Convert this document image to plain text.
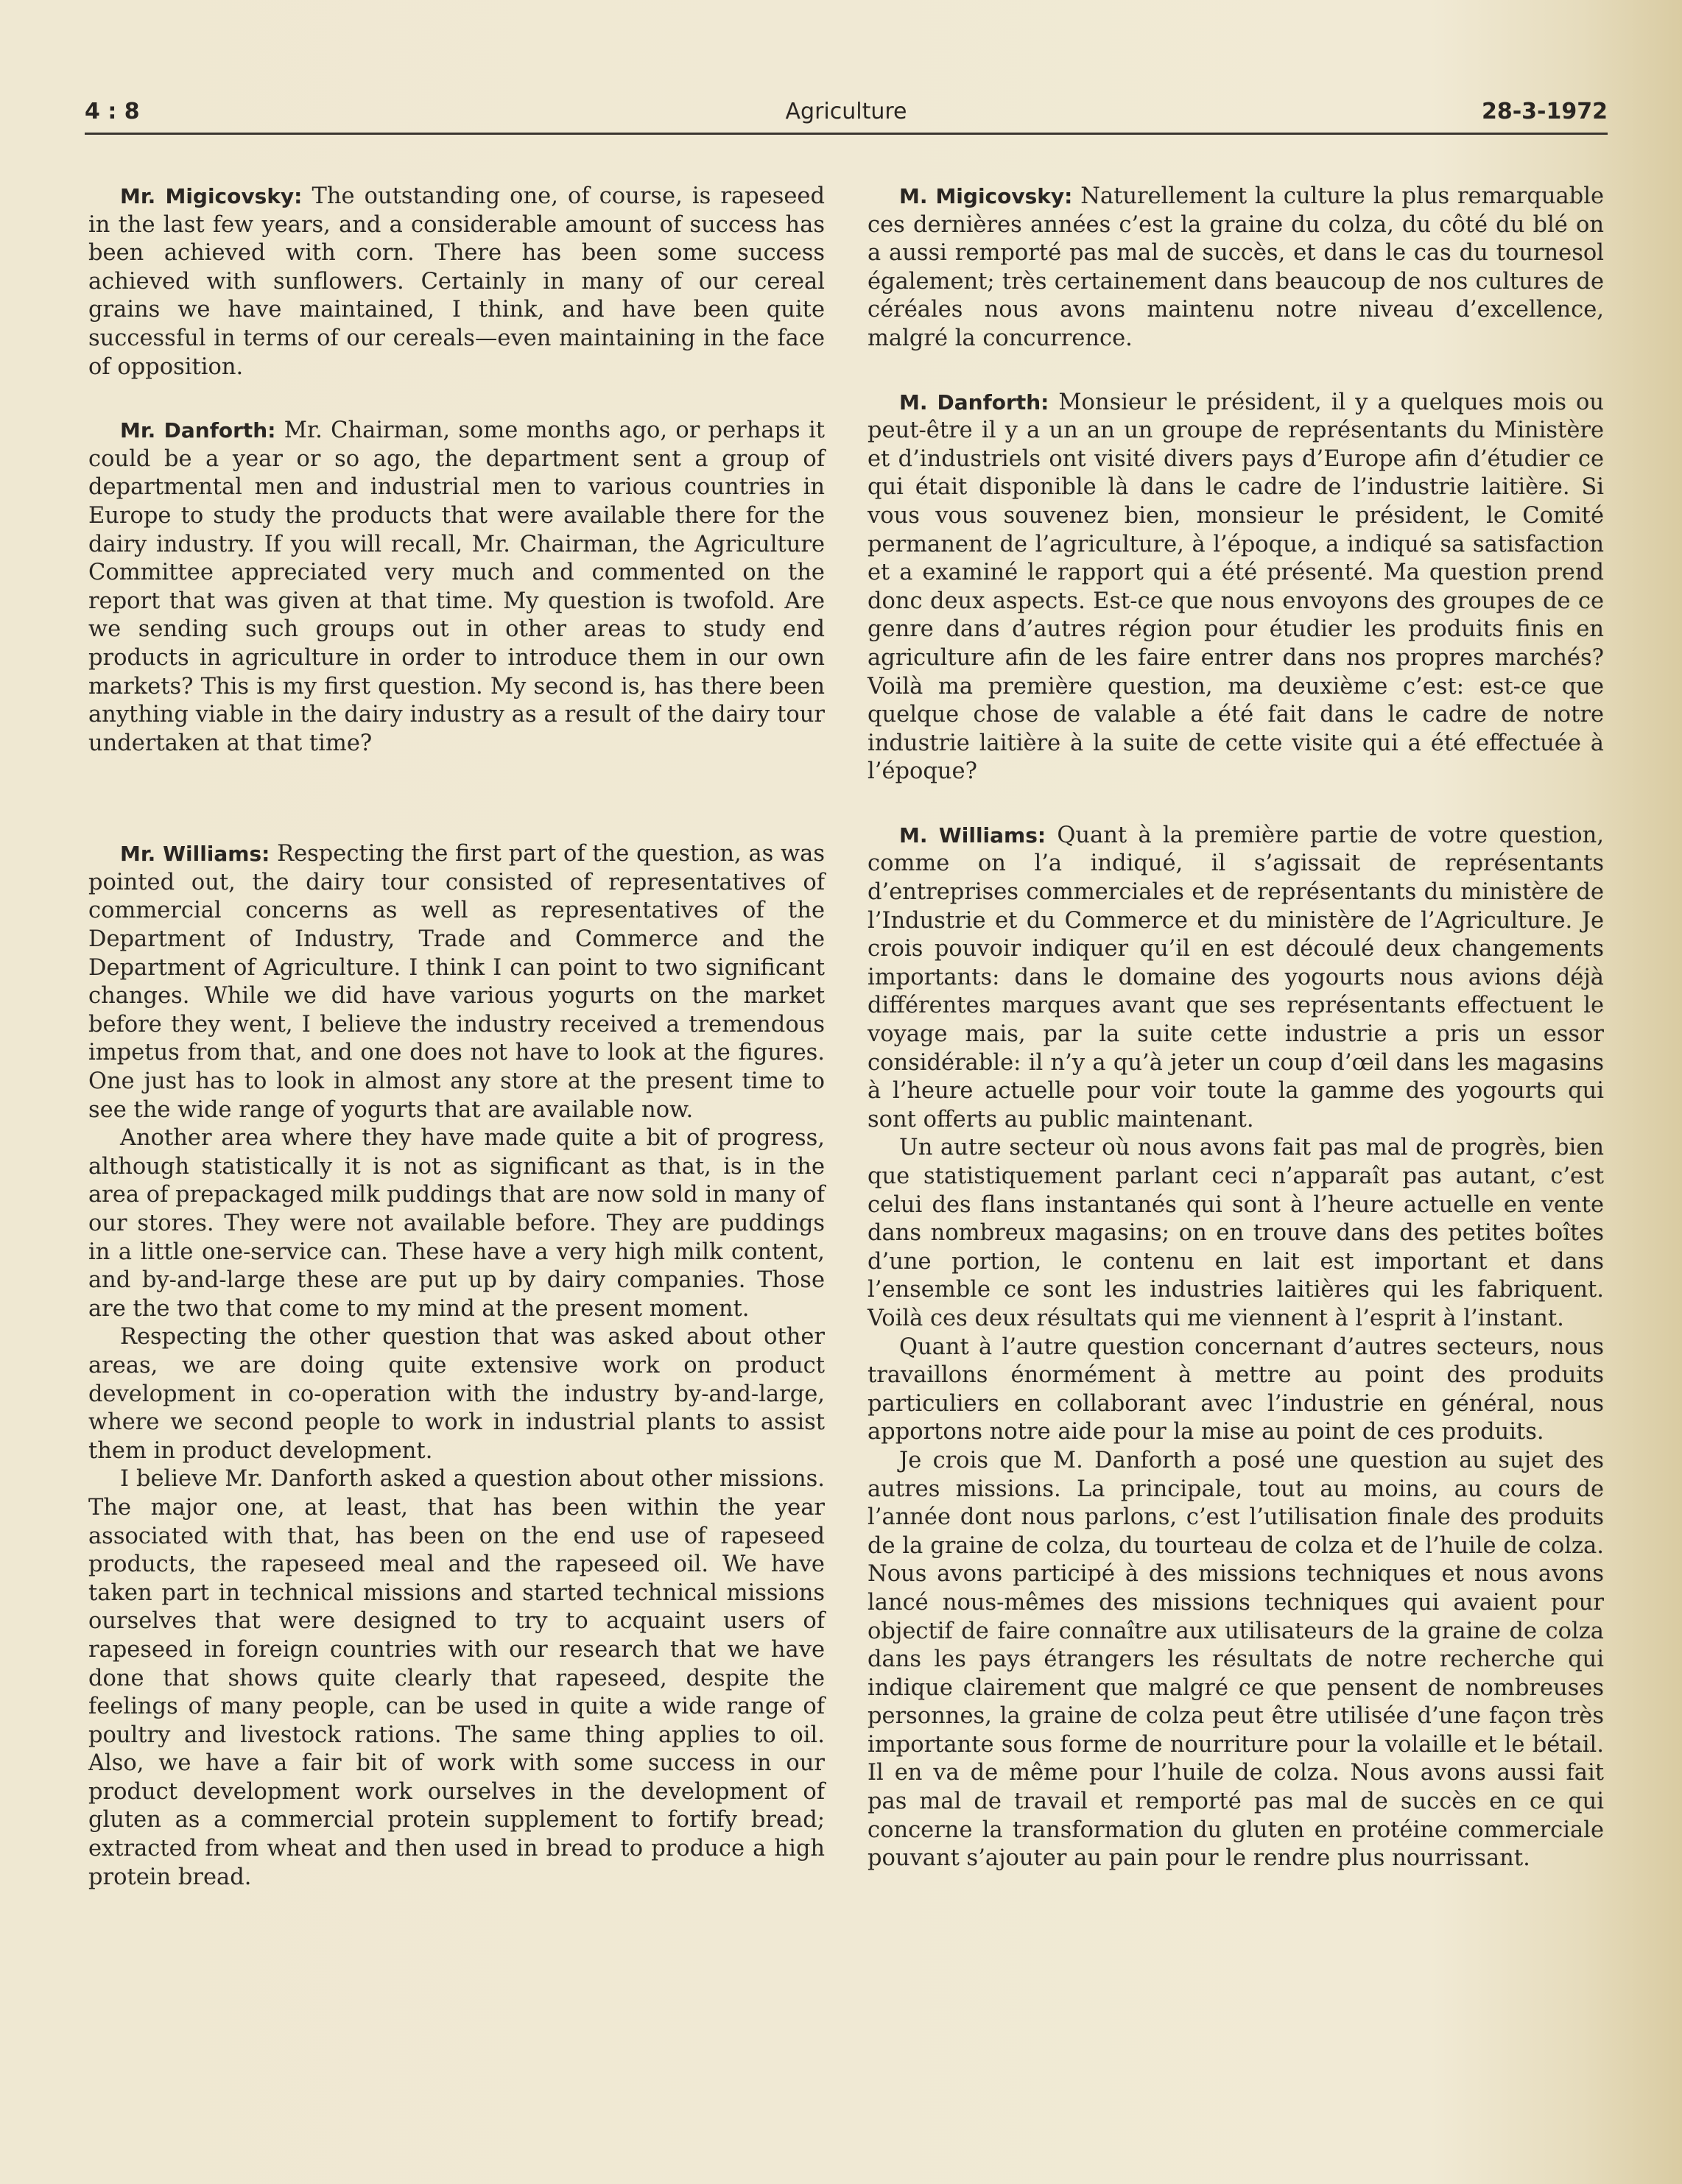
4 : 8	Agriculture	28-3-1972

Mr. Migicovsky: The outstanding one, of course, is rapeseed in the last few years, and a considerable amount of success has been achieved with corn. There has been some success achieved with sunflowers. Certainly in many of our cereal grains we have maintained, I think, and have been quite successful in terms of our cereals—even maintaining in the face of opposition.

Mr. Danforth: Mr. Chairman, some months ago, or perhaps it could be a year or so ago, the department sent a group of departmental men and industrial men to various countries in Europe to study the products that were available there for the dairy industry. If you will recall, Mr. Chairman, the Agriculture Committee appreciated very much and commented on the report that was given at that time. My question is twofold. Are we sending such groups out in other areas to study end products in agriculture in order to introduce them in our own markets? This is my first question. My second is, has there been anything viable in the dairy industry as a result of the dairy tour undertaken at that time?

Mr. Williams: Respecting the first part of the question, as was pointed out, the dairy tour consisted of representatives of commercial concerns as well as representatives of the Department of Industry, Trade and Commerce and the Department of Agriculture. I think I can point to two significant changes. While we did have various yogurts on the market before they went, I believe the industry received a tremendous impetus from that, and one does not have to look at the figures. One just has to look in almost any store at the present time to see the wide range of yogurts that are available now.

Another area where they have made quite a bit of progress, although statistically it is not as significant as that, is in the area of prepackaged milk puddings that are now sold in many of our stores. They were not available before. They are puddings in a little one-service can. These have a very high milk content, and by-and-large these are put up by dairy companies. Those are the two that come to my mind at the present moment.

Respecting the other question that was asked about other areas, we are doing quite extensive work on product development in co-operation with the industry by-and-large, where we second people to work in industrial plants to assist them in product development.

I believe Mr. Danforth asked a question about other missions. The major one, at least, that has been within the year associated with that, has been on the end use of rapeseed products, the rapeseed meal and the rapeseed oil. We have taken part in technical missions and started technical missions ourselves that were designed to try to acquaint users of rapeseed in foreign countries with our research that we have done that shows quite clearly that rapeseed, despite the feelings of many people, can be used in quite a wide range of poultry and livestock rations. The same thing applies to oil. Also, we have a fair bit of work with some success in our product development work ourselves in the development of gluten as a commercial protein supplement to fortify bread; extracted from wheat and then used in bread to produce a high protein bread.

M. Migicovsky: Naturellement la culture la plus remarquable ces dernières années c’est la graine du colza, du côté du blé on a aussi remporté pas mal de succès, et dans le cas du tournesol également; très certainement dans beaucoup de nos cultures de céréales nous avons maintenu notre niveau d’excellence, malgré la concurrence.

M. Danforth: Monsieur le président, il y a quelques mois ou peut-être il y a un an un groupe de représentants du Ministère et d’industriels ont visité divers pays d’Europe afin d’étudier ce qui était disponible là dans le cadre de l’industrie laitière. Si vous vous souvenez bien, monsieur le président, le Comité permanent de l’agriculture, à l’époque, a indiqué sa satisfaction et a examiné le rapport qui a été présenté. Ma question prend donc deux aspects. Est-ce que nous envoyons des groupes de ce genre dans d’autres région pour étudier les produits finis en agriculture afin de les faire entrer dans nos propres marchés? Voilà ma première question, ma deuxième c’est: est-ce que quelque chose de valable a été fait dans le cadre de notre industrie laitière à la suite de cette visite qui a été effectuée à l’époque?

M. Williams: Quant à la première partie de votre question, comme on l’a indiqué, il s’agissait de représentants d’entreprises commerciales et de représentants du ministère de l’Industrie et du Commerce et du ministère de l’Agriculture. Je crois pouvoir indiquer qu’il en est découlé deux changements importants: dans le domaine des yogourts nous avions déjà différentes marques avant que ses représentants effectuent le voyage mais, par la suite cette industrie a pris un essor considérable: il n’y a qu’à jeter un coup d’œil dans les magasins à l’heure actuelle pour voir toute la gamme des yogourts qui sont offerts au public maintenant.

Un autre secteur où nous avons fait pas mal de progrès, bien que statistiquement parlant ceci n’apparaît pas autant, c’est celui des flans instantanés qui sont à l’heure actuelle en vente dans nombreux magasins; on en trouve dans des petites boîtes d’une portion, le contenu en lait est important et dans l’ensemble ce sont les industries laitières qui les fabriquent. Voilà ces deux résultats qui me viennent à l’esprit à l’instant.

Quant à l’autre question concernant d’autres secteurs, nous travaillons énormément à mettre au point des produits particuliers en collaborant avec l’industrie en général, nous apportons notre aide pour la mise au point de ces produits.

Je crois que M. Danforth a posé une question au sujet des autres missions. La principale, tout au moins, au cours de l’année dont nous parlons, c’est l’utilisation finale des produits de la graine de colza, du tourteau de colza et de l’huile de colza. Nous avons participé à des missions techniques et nous avons lancé nous-mêmes des missions techniques qui avaient pour objectif de faire connaître aux utilisateurs de la graine de colza dans les pays étrangers les résultats de notre recherche qui indique clairement que malgré ce que pensent de nombreuses personnes, la graine de colza peut être utilisée d’une façon très importante sous forme de nourriture pour la volaille et le bétail. Il en va de même pour l’huile de colza. Nous avons aussi fait pas mal de travail et remporté pas mal de succès en ce qui concerne la transformation du gluten en protéine commerciale pouvant s’ajouter au pain pour le rendre plus nourrissant.
